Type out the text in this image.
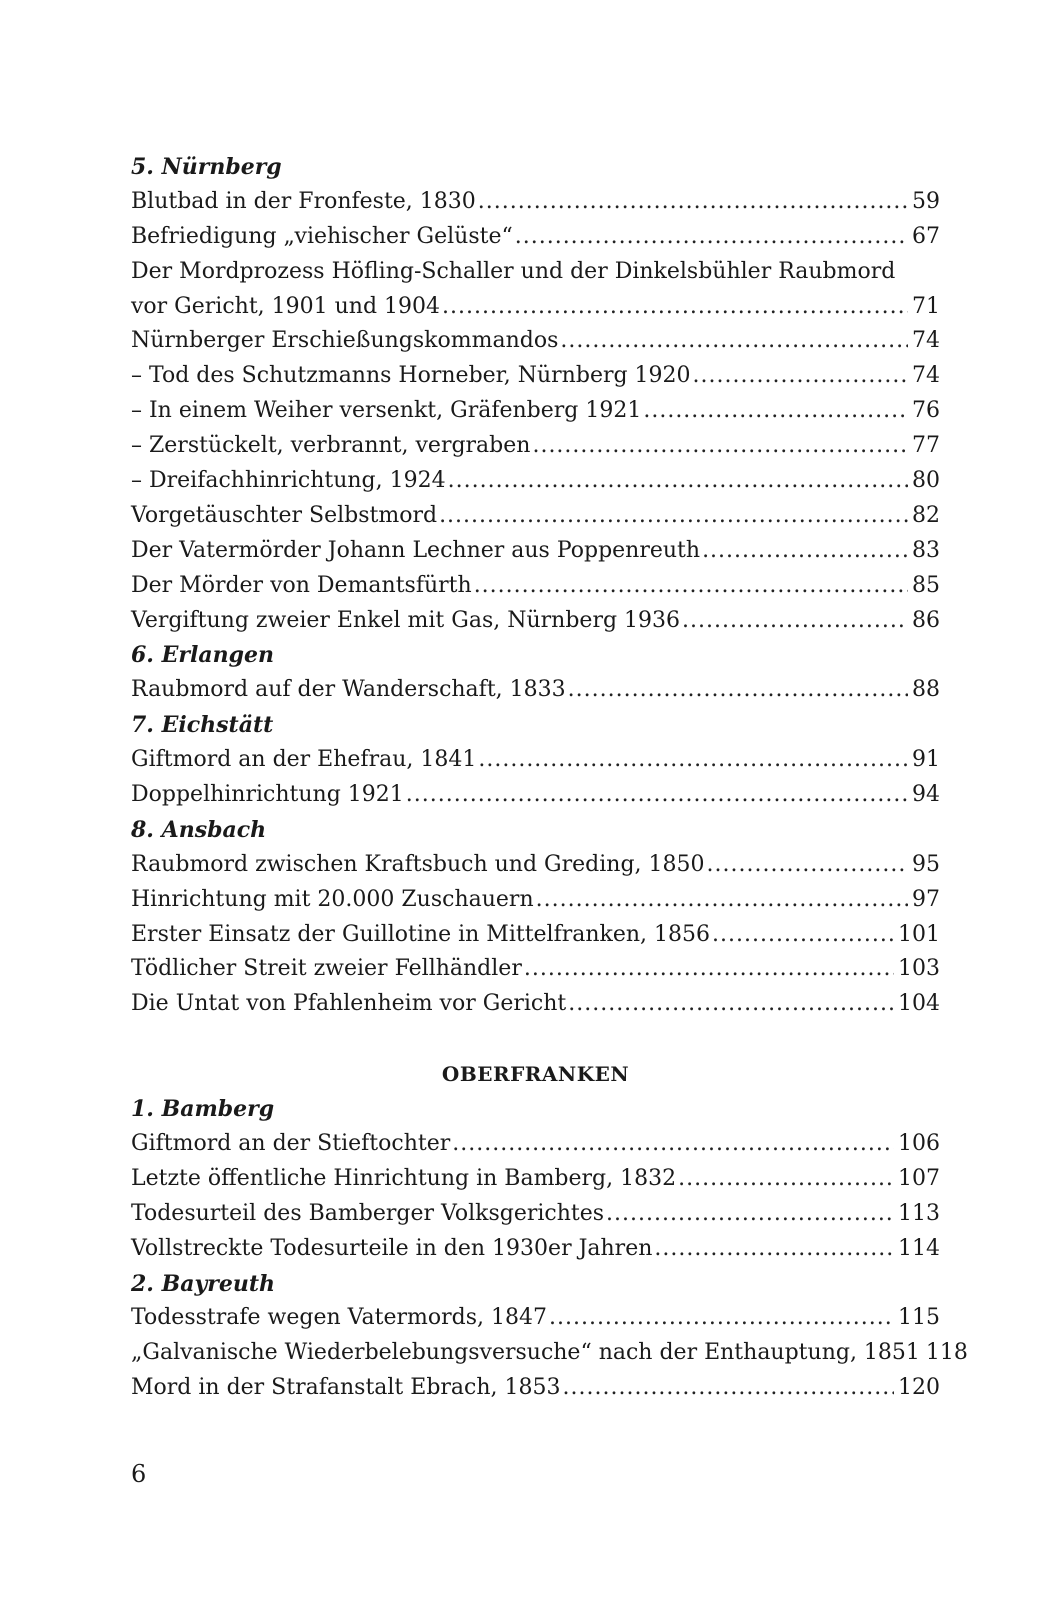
5. Nürnberg
Blutbad in der Fronfeste, 1830 .....	59
Befriedigung „viehischer Gelüste“ .....	67
Der Mordprozess Höfling-Schaller und der Dinkelsbühler Raubmord
vor Gericht, 1901 und 1904 .....	71
Nürnberger Erschießungskommandos .....	74
– Tod des Schutzmanns Horneber, Nürnberg 1920 .....	74
– In einem Weiher versenkt, Gräfenberg 1921 .....	76
– Zerstückelt, verbrannt, vergraben .....	77
– Dreifachhinrichtung, 1924 .....	80
Vorgetäuschter Selbstmord .....	82
Der Vatermörder Johann Lechner aus Poppenreuth .....	83
Der Mörder von Demantsfürth .....	85
Vergiftung zweier Enkel mit Gas, Nürnberg 1936 .....	86
6. Erlangen
Raubmord auf der Wanderschaft, 1833 .....	88
7. Eichstätt
Giftmord an der Ehefrau, 1841 .....	91
Doppelhinrichtung 1921 .....	94
8. Ansbach
Raubmord zwischen Kraftsbuch und Greding, 1850 .....	95
Hinrichtung mit 20.000 Zuschauern .....	97
Erster Einsatz der Guillotine in Mittelfranken, 1856 .....	101
Tödlicher Streit zweier Fellhändler .....	103
Die Untat von Pfahlenheim vor Gericht .....	104
OBERFRANKEN
1. Bamberg
Giftmord an der Stieftochter .....	106
Letzte öffentliche Hinrichtung in Bamberg, 1832 .....	107
Todesurteil des Bamberger Volksgerichtes .....	113
Vollstreckte Todesurteile in den 1930er Jahren .....	114
2. Bayreuth
Todesstrafe wegen Vatermords, 1847 .....	115
„Galvanische Wiederbelebungsversuche“ nach der Enthauptung, 1851 118
Mord in der Strafanstalt Ebrach, 1853 .....	120
6
